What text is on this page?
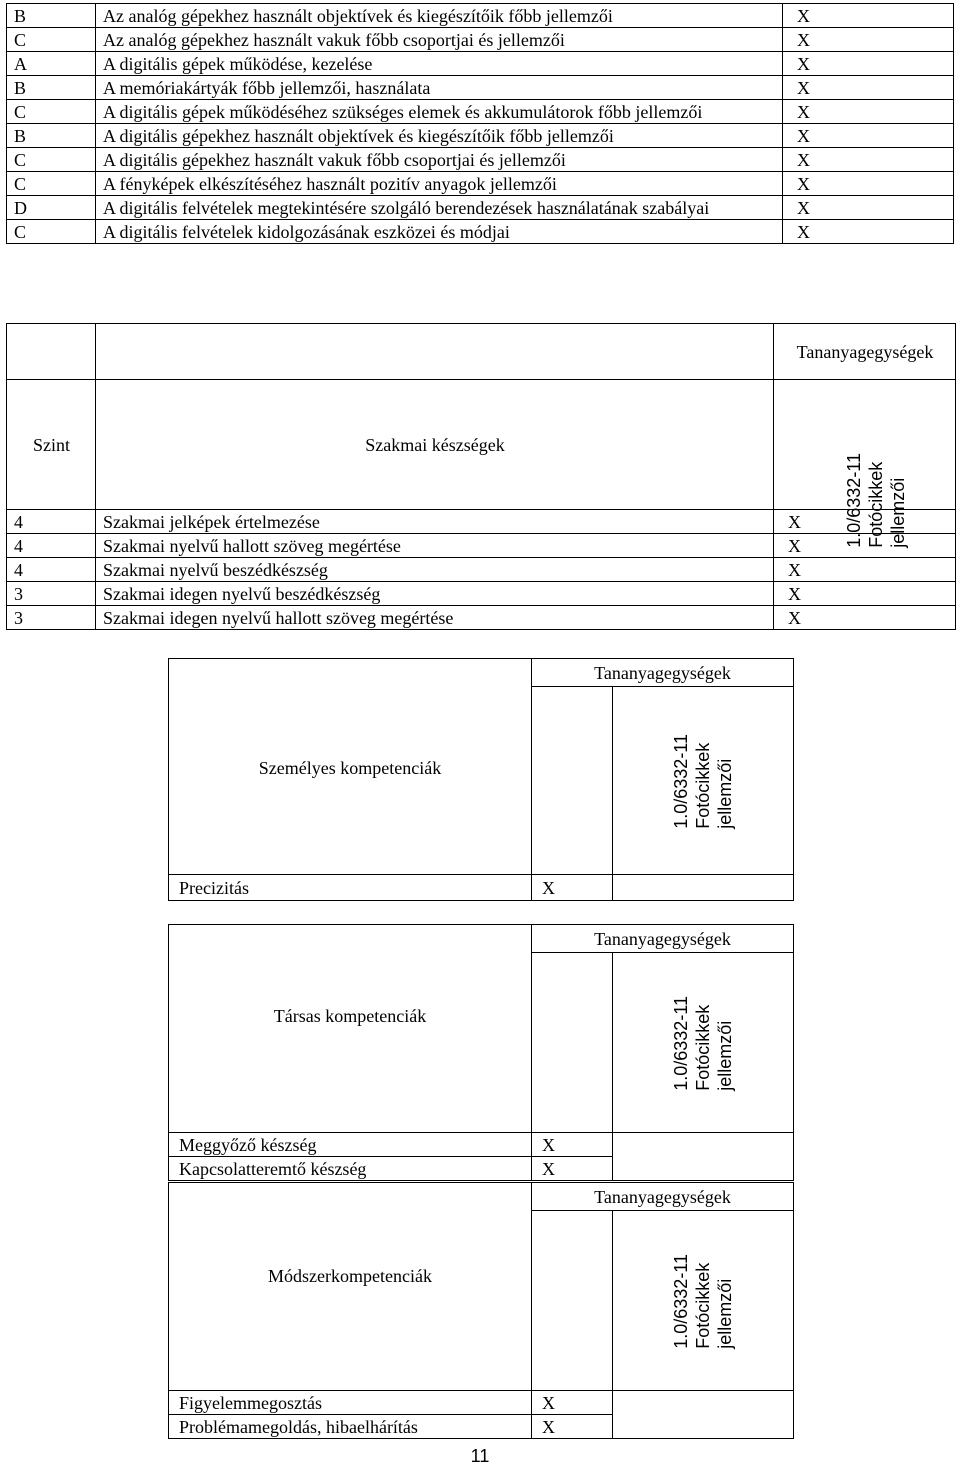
B	Az analóg gépekhez használt objektívek és kiegészítőik főbb jellemzői	X
C	Az analóg gépekhez használt vakuk főbb csoportjai és jellemzői	X
A	A digitális gépek működése, kezelése	X
B	A memóriakártyák főbb jellemzői, használata	X
C	A digitális gépek működéséhez szükséges elemek és akkumulátorok főbb jellemzői	X
B	A digitális gépekhez használt objektívek és kiegészítőik főbb jellemzői	X
C	A digitális gépekhez használt vakuk főbb csoportjai és jellemzői	X
C	A fényképek elkészítéséhez használt pozitív anyagok jellemzői	X
D	A digitális felvételek megtekintésére szolgáló berendezések használatának szabályai	X
C	A digitális felvételek kidolgozásának eszközei és módjai	X
		Tananyagegységek
Szint	Szakmai készségek	1.0/6332-11
Fotócikkek
jellemzői

4	Szakmai jelképek értelmezése	X
4	Szakmai nyelvű hallott szöveg megértése	X
4	Szakmai nyelvű beszédkészség	X
3	Szakmai idegen nyelvű beszédkészség	X
3	Szakmai idegen nyelvű hallott szöveg megértése	X
Személyes kompetenciák	Tananyagegységek	

		1.0/6332-11
Fotócikkek
jellemzői

Precizitás	X	
Társas kompetenciák	Tananyagegységek	

		1.0/6332-11
Fotócikkek
jellemzői

Meggyőző készség	X	
Kapcsolatteremtő készség	X	
Módszerkompetenciák	Tananyagegységek	

		1.0/6332-11
Fotócikkek
jellemzői

Figyelemmegosztás	X	
Problémamegoldás, hibaelhárítás	X	
11
